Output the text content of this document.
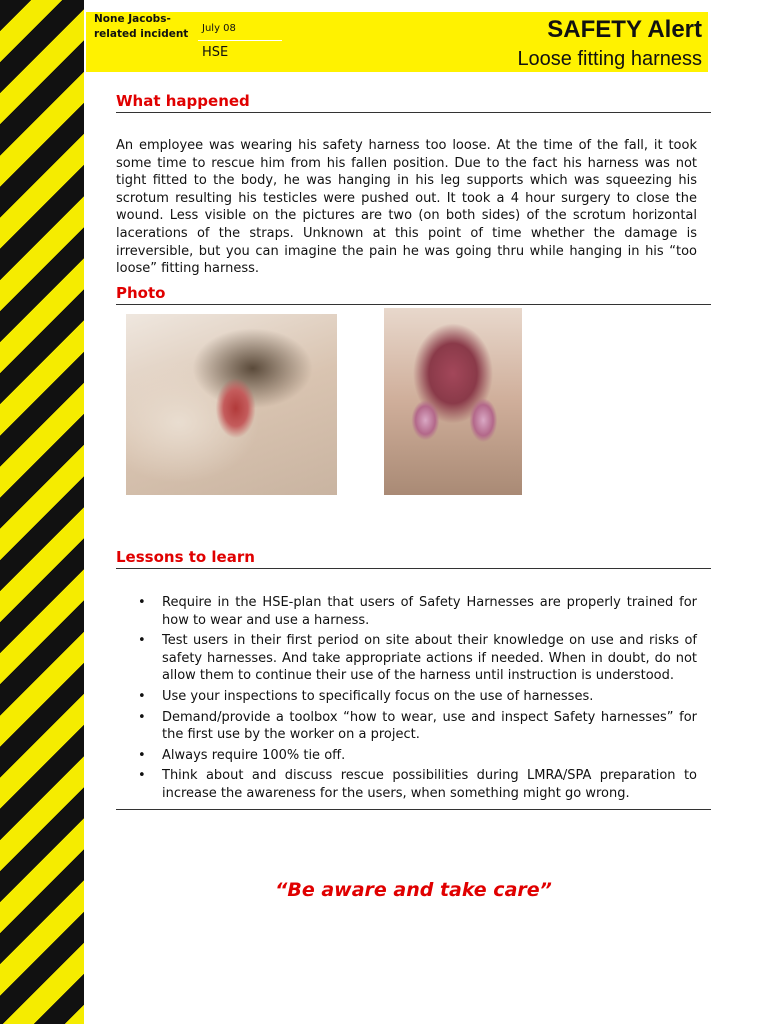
None Jacobs-related incident	July 08
HSE
SAFETY Alert
Loose fitting harness
What happened
An employee was wearing his safety harness too loose. At the time of the fall, it took some time to rescue him from his fallen position. Due to the fact his harness was not tight fitted to the body, he was hanging in his leg supports which was squeezing his scrotum resulting his testicles were pushed out. It took a 4 hour surgery to close the wound. Less visible on the pictures are two (on both sides) of the scrotum horizontal lacerations of the straps. Unknown at this point of time whether the damage is irreversible, but you can imagine the pain he was going thru while hanging in his “too loose” fitting harness.
Photo
Lessons to learn
• Require in the HSE-plan that users of Safety Harnesses are properly trained for how to wear and use a harness.
• Test users in their first period on site about their knowledge on use and risks of safety harnesses. And take appropriate actions if needed. When in doubt, do not allow them to continue their use of the harness until instruction is understood.
• Use your inspections to specifically focus on the use of harnesses.
• Demand/provide a toolbox “how to wear, use and inspect Safety harnesses” for the first use by the worker on a project.
• Always require 100% tie off.
• Think about and discuss rescue possibilities during LMRA/SPA preparation to increase the awareness for the users, when something might go wrong.
“Be aware and take care”
